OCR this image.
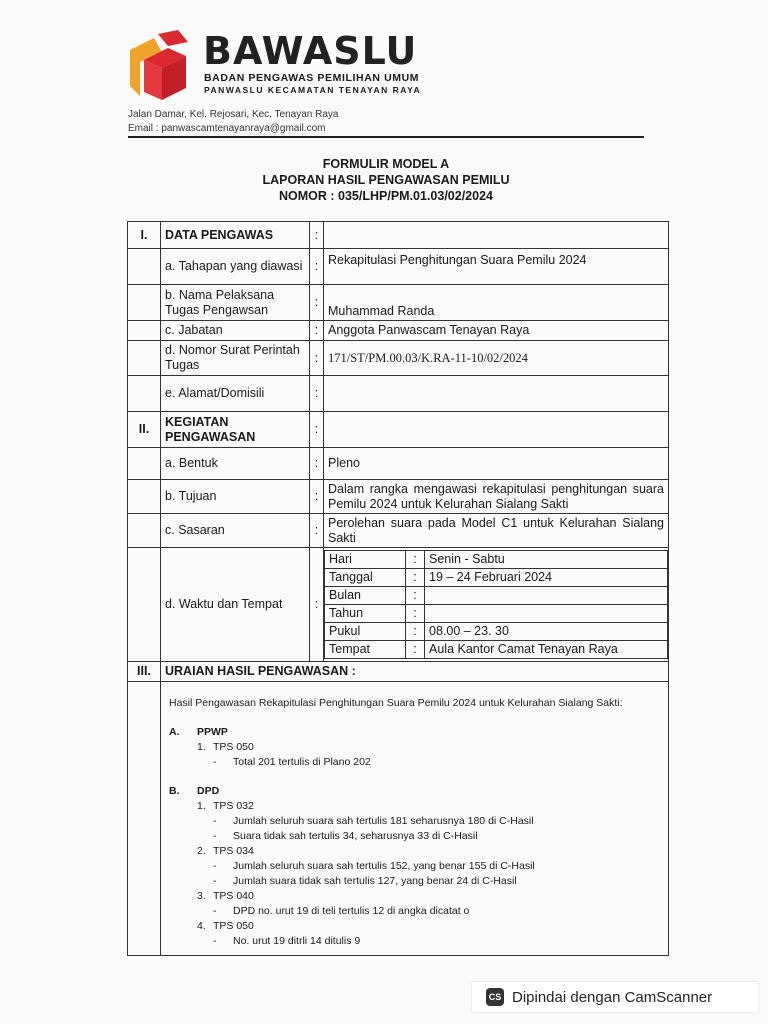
BAWASLU
BADAN PENGAWAS PEMILIHAN UMUM
PANWASLU KECAMATAN TENAYAN RAYA
Jalan Damar, Kel. Rejosari, Kec. Tenayan Raya
Email : panwascamtenayanraya@gmail.com
FORMULIR MODEL A
LAPORAN HASIL PENGAWASAN PEMILU
NOMOR : 035/LHP/PM.01.03/02/2024
I.	DATA PENGAWAS	:	
	a. Tahapan yang diawasi	:	Rekapitulasi Penghitungan Suara Pemilu 2024
	b. Nama Pelaksana Tugas Pengawsan	:	Muhammad Randa
	c. Jabatan	:	Anggota Panwascam Tenayan Raya
	d. Nomor Surat Perintah Tugas	:	171/ST/PM.00.03/K.RA-11-10/02/2024
	e. Alamat/Domisili	:	
II.	KEGIATAN PENGAWASAN	:	
	a. Bentuk	:	Pleno
	b. Tujuan	:	Dalam rangka mengawasi rekapitulasi penghitungan suara Pemilu 2024 untuk Kelurahan Sialang Sakti
	c. Sasaran	:	Perolehan suara pada Model C1 untuk Kelurahan Sialang Sakti
	d. Waktu dan Tempat	:	
Hari	:	Senin - Sabtu
Tanggal	:	19 – 24 Februari 2024
Bulan	:	
Tahun	:	
Pukul	:	08.00 – 23. 30
Tempat	:	Aula Kantor Camat Tenayan Raya

III.	URAIAN HASIL PENGAWASAN :

Hasil Pengawasan Rekapitulasi Penghitungan Suara Pemilu 2024 untuk Kelurahan Sialang Sakti:
A. PPWP
1. TPS 050
- Total 201 tertulis di Plano 202
B. DPD
1. TPS 032
- Jumlah seluruh suara sah tertulis 181 seharusnya 180 di C-Hasil
- Suara tidak sah tertulis 34, seharusnya 33 di C-Hasil
2. TPS 034
- Jumlah seluruh suara sah tertulis 152, yang benar 155 di C-Hasil
- Jumlah suara tidak sah tertulis 127, yang benar 24 di C-Hasil
3. TPS 040
- DPD no. urut 19 di teli tertulis 12 di angka dicatat o
4. TPS 050
- No. urut 19 ditrli 14 ditulis 9
CS Dipindai dengan CamScanner
